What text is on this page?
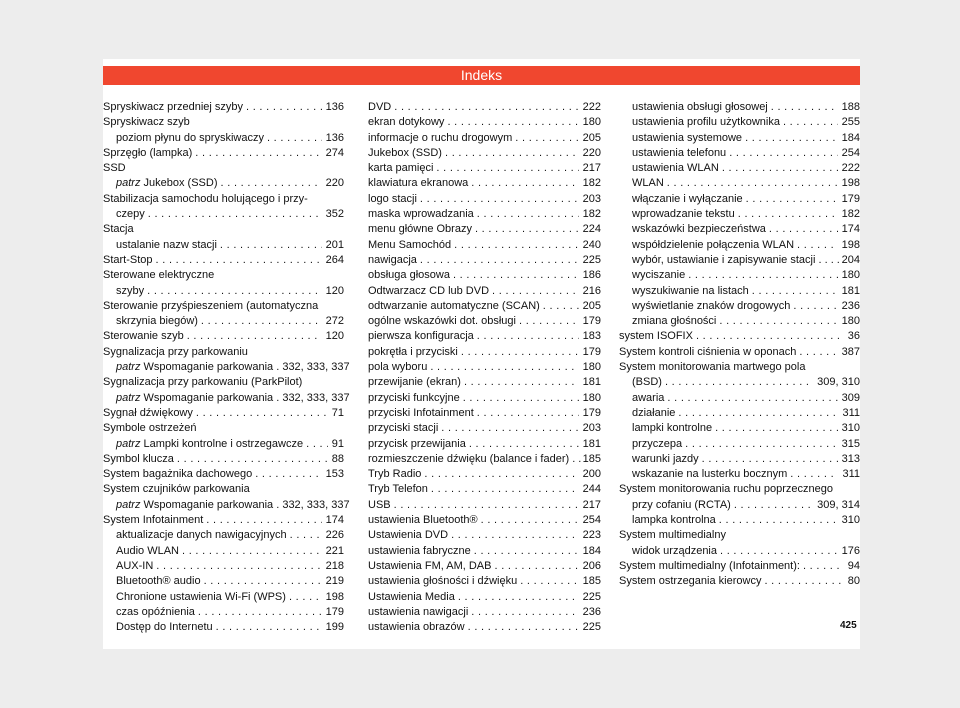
Indeks
Spryskiwacz przedniej szyby . . .	136
Spryskiwacz szyb
poziom płynu do spryskiwaczy . . .	136
Sprzęgło (lampka) . . .	274
SSD
patrz Jukebox (SSD) . . .	220
Stabilizacja samochodu holującego i przy-
czepy . . .	352
Stacja
ustalanie nazw stacji . . .	201
Start-Stop . . .	264
Sterowane elektryczne
szyby . . .	120
Sterowanie przyśpieszeniem (automatyczna
skrzynia biegów) . . .	272
Sterowanie szyb . . .	120
Sygnalizacja przy parkowaniu
patrz Wspomaganie parkowania . 332, 333, 337
Sygnalizacja przy parkowaniu (ParkPilot)
patrz Wspomaganie parkowania . 332, 333, 337
Sygnał dźwiękowy . . .	71
Symbole ostrzeżeń
patrz Lampki kontrolne i ostrzegawcze . . .	91
Symbol klucza . . .	88
System bagażnika dachowego . . .	153
System czujników parkowania
patrz Wspomaganie parkowania . 332, 333, 337
System Infotainment . . .	174
aktualizacje danych nawigacyjnych . . .	226
Audio WLAN . . .	221
AUX-IN . . .	218
Bluetooth® audio . . .	219
Chronione ustawienia Wi-Fi (WPS) . . .	198
czas opóźnienia . . .	179
Dostęp do Internetu . . .	199
DVD . . .	222
ekran dotykowy . . .	180
informacje o ruchu drogowym . . .	205
Jukebox (SSD) . . .	220
karta pamięci . . .	217
klawiatura ekranowa . . .	182
logo stacji . . .	203
maska wprowadzania . . .	182
menu główne Obrazy . . .	224
Menu Samochód . . .	240
nawigacja . . .	225
obsługa głosowa . . .	186
Odtwarzacz CD lub DVD . . .	216
odtwarzanie automatyczne (SCAN) . . .	205
ogólne wskazówki dot. obsługi . . .	179
pierwsza konfiguracja . . .	183
pokrętła i przyciski . . .	179
pola wyboru . . .	180
przewijanie (ekran) . . .	181
przyciski funkcyjne . . .	180
przyciski Infotainment . . .	179
przyciski stacji . . .	203
przycisk przewijania . . .	181
rozmieszczenie dźwięku (balance i fader) . . 185
Tryb Radio . . .	200
Tryb Telefon . . .	244
USB . . .	217
ustawienia Bluetooth® . . .	254
Ustawienia DVD . . .	223
ustawienia fabryczne . . .	184
Ustawienia FM, AM, DAB . . .	206
ustawienia głośności i dźwięku . . .	185
Ustawienia Media . . .	225
ustawienia nawigacji . . .	236
ustawienia obrazów . . .	225
ustawienia obsługi głosowej . . .	188
ustawienia profilu użytkownika . . .	255
ustawienia systemowe . . .	184
ustawienia telefonu . . .	254
ustawienia WLAN . . .	222
WLAN . . .	198
włączanie i wyłączanie . . .	179
wprowadzanie tekstu . . .	182
wskazówki bezpieczeństwa . . .	174
współdzielenie połączenia WLAN . . .	198
wybór, ustawianie i zapisywanie stacji . . . . 204
wyciszanie . . .	180
wyszukiwanie na listach . . .	181
wyświetlanie znaków drogowych . . .	236
zmiana głośności . . .	180
system ISOFIX . . .	36
System kontroli ciśnienia w oponach . . .	387
System monitorowania martwego pola
(BSD) . . .	309, 310
awaria . . .	309
działanie . . .	311
lampki kontrolne . . .	310
przyczepa . . .	315
warunki jazdy . . .	313
wskazanie na lusterku bocznym . . .	311
System monitorowania ruchu poprzecznego
przy cofaniu (RCTA) . . .	309, 314
lampka kontrolna . . .	310
System multimedialny
widok urządzenia . . .	176
System multimedialny (Infotainment): . . .	94
System ostrzegania kierowcy . . .	80
425
